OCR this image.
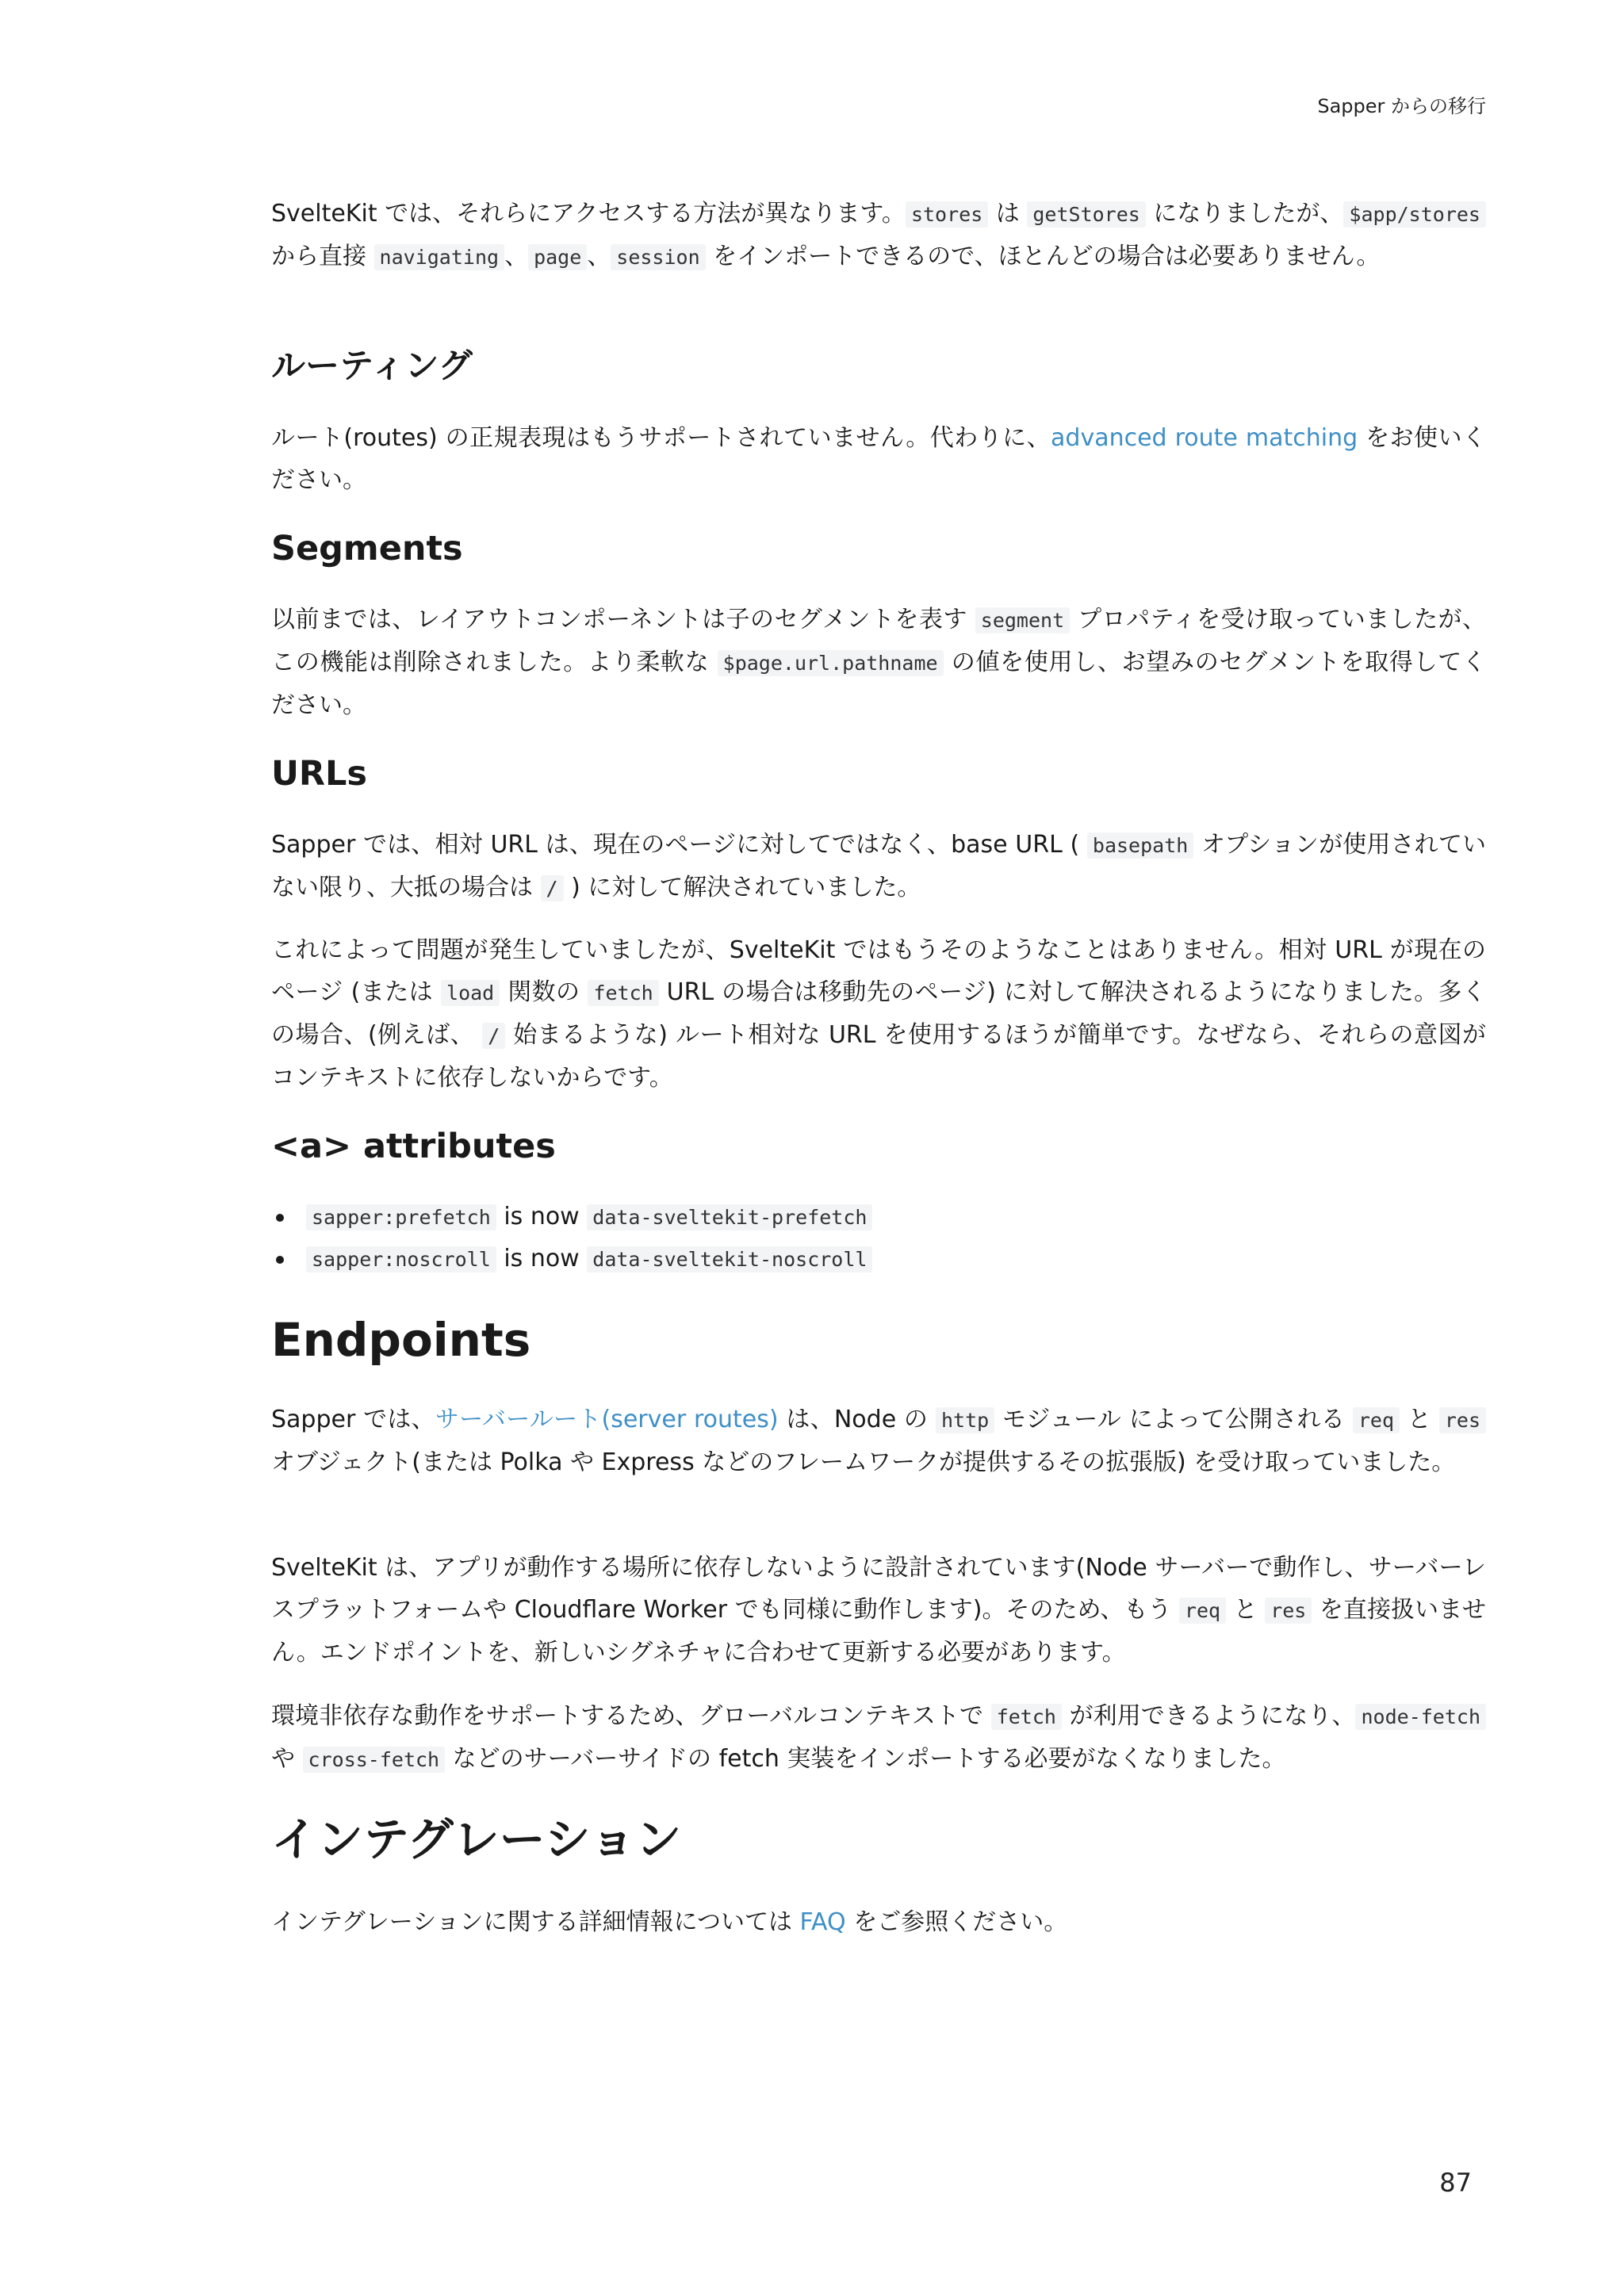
Sapper からの移行

SvelteKit では、それらにアクセスする方法が異なります。 stores は getStores になりましたが、 $app/stores から直接 navigating 、 page 、 session をインポートできるので、ほとんどの場合は必要ありません。

ルーティング

ルート(routes) の正規表現はもうサポートされていません。代わりに、advanced route matching をお使いください。

Segments

以前までは、レイアウトコンポーネントは子のセグメントを表す segment プロパティを受け取っていましたが、この機能は削除されました。より柔軟な $page.url.pathname の値を使用し、お望みのセグメントを取得してください。

URLs

Sapper では、相対 URL は、現在のページに対してではなく、base URL ( basepath オプションが使用されていない限り、大抵の場合は / ) に対して解決されていました。

これによって問題が発生していましたが、SvelteKit ではもうそのようなことはありません。相対 URL が現在のページ (または load 関数の fetch URL の場合は移動先のページ) に対して解決されるようになりました。多くの場合、(例えば、 / 始まるような) ルート相対な URL を使用するほうが簡単です。なぜなら、それらの意図がコンテキストに依存しないからです。

<a> attributes
sapper:prefetch is now data-sveltekit-prefetch
sapper:noscroll is now data-sveltekit-noscroll
Endpoints

Sapper では、サーバールート(server routes) は、Node の http モジュール によって公開される req と res オブジェクト(または Polka や Express などのフレームワークが提供するその拡張版) を受け取っていました。

SvelteKit は、アプリが動作する場所に依存しないように設計されています(Node サーバーで動作し、サーバーレスプラットフォームや Cloudflare Worker でも同様に動作します)。そのため、もう req と res を直接扱いません。エンドポイントを、新しいシグネチャに合わせて更新する必要があります。

環境非依存な動作をサポートするため、グローバルコンテキストで fetch が利用できるようになり、 node-fetch や cross-fetch などのサーバーサイドの fetch 実装をインポートする必要がなくなりました。

インテグレーション

インテグレーションに関する詳細情報については FAQ をご参照ください。

87
